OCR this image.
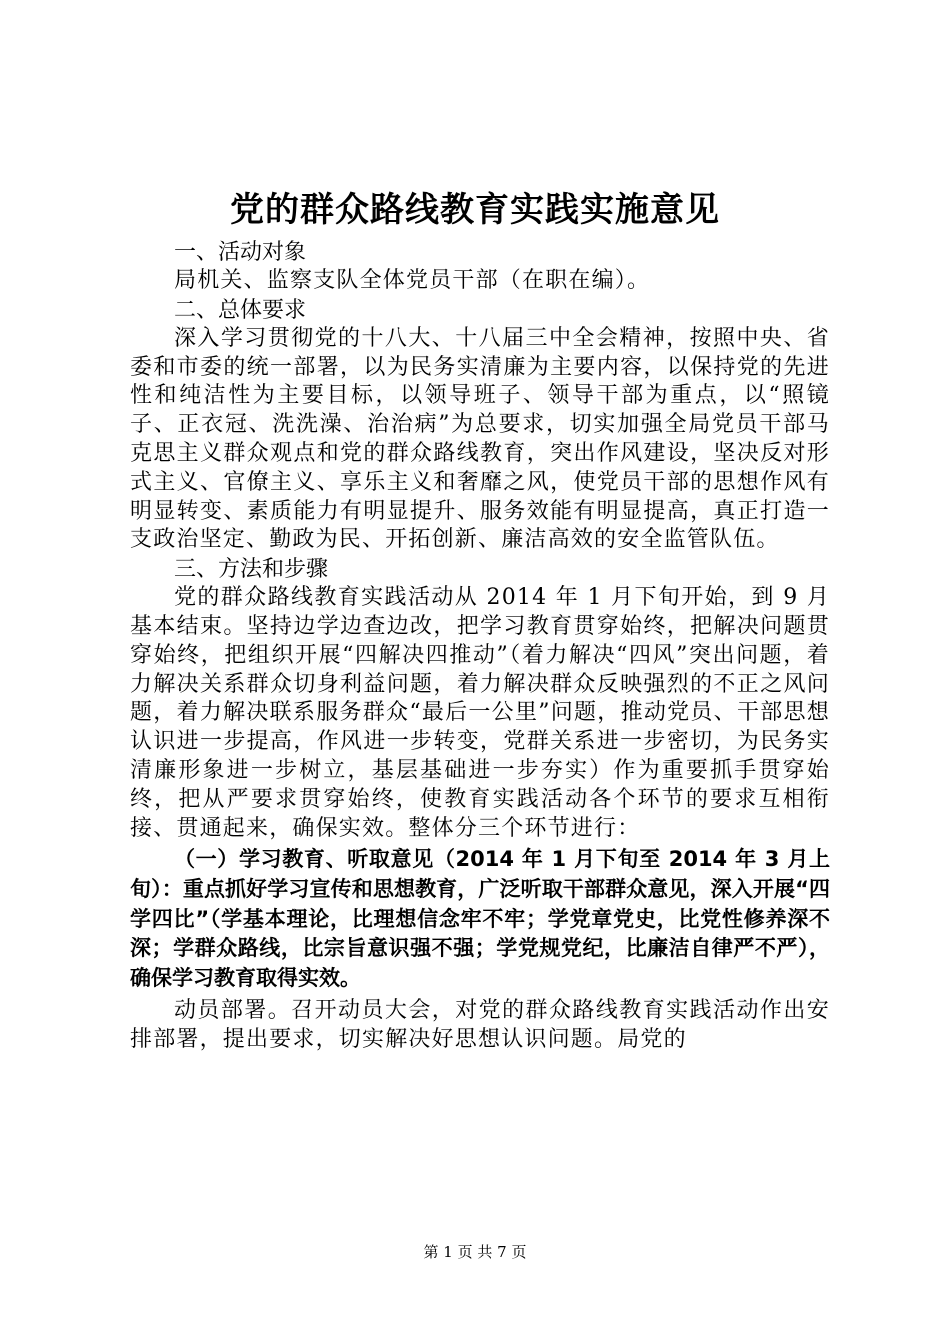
党的群众路线教育实践实施意见

一、活动对象

局机关、监察支队全体党员干部（在职在编）。

二、总体要求

深入学习贯彻党的十八大、十八届三中全会精神，按照中央、省委和市委的统一部署，以为民务实清廉为主要内容，以保持党的先进性和纯洁性为主要目标，以领导班子、领导干部为重点，以“照镜子、正衣冠、洗洗澡、治治病”为总要求，切实加强全局党员干部马克思主义群众观点和党的群众路线教育，突出作风建设，坚决反对形式主义、官僚主义、享乐主义和奢靡之风，使党员干部的思想作风有明显转变、素质能力有明显提升、服务效能有明显提高，真正打造一支政治坚定、勤政为民、开拓创新、廉洁高效的安全监管队伍。

三、方法和步骤

党的群众路线教育实践活动从 2014 年 1 月下旬开始，到 9 月基本结束。坚持边学边查边改，把学习教育贯穿始终，把解决问题贯穿始终，把组织开展“四解决四推动”（着力解决“四风”突出问题，着力解决关系群众切身利益问题，着力解决群众反映强烈的不正之风问题，着力解决联系服务群众“最后一公里”问题，推动党员、干部思想认识进一步提高，作风进一步转变，党群关系进一步密切，为民务实清廉形象进一步树立，基层基础进一步夯实）作为重要抓手贯穿始终，把从严要求贯穿始终，使教育实践活动各个环节的要求互相衔接、贯通起来，确保实效。整体分三个环节进行：

（一）学习教育、听取意见（2014 年 1 月下旬至 2014 年 3 月上旬）：重点抓好学习宣传和思想教育，广泛听取干部群众意见，深入开展“四学四比”（学基本理论，比理想信念牢不牢；学党章党史，比党性修养深不深；学群众路线，比宗旨意识强不强；学党规党纪，比廉洁自律严不严），确保学习教育取得实效。

动员部署。召开动员大会，对党的群众路线教育实践活动作出安排部署，提出要求，切实解决好思想认识问题。局党的

第 1 页 共 7 页
